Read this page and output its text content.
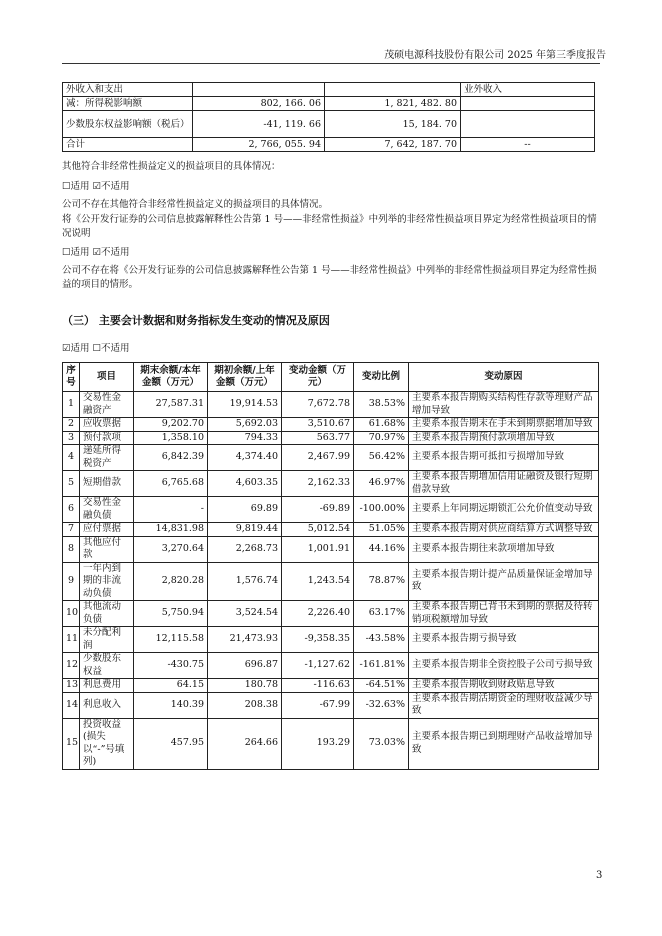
茂硕电源科技股份有限公司 2025 年第三季度报告
外收入和支出			业外收入
减：所得税影响额	802, 166. 06	1, 821, 482. 80	
少数股东权益影响额（税后）	-41, 119. 66	15, 184. 70	
合计	2, 766, 055. 94	7, 642, 187. 70	--
其他符合非经常性损益定义的损益项目的具体情况：
☐适用 ☑不适用
公司不存在其他符合非经常性损益定义的损益项目的具体情况。
将《公开发行证券的公司信息披露解释性公告第 1 号——非经常性损益》中列举的非经常性损益项目界定为经常性损益项目的情况说明
☐适用 ☑不适用
公司不存在将《公开发行证券的公司信息披露解释性公告第 1 号——非经常性损益》中列举的非经常性损益项目界定为经常性损益的项目的情形。
（三） 主要会计数据和财务指标发生变动的情况及原因
☑适用 ☐不适用
序号	项目	期末余额/本年金额（万元）	期初余额/上年金额（万元）	变动金额（万元）	变动比例	变动原因
1	交易性金融资产	27,587.31	19,914.53	7,672.78	38.53%	主要系本报告期购买结构性存款等理财产品增加导致
2	应收票据	9,202.70	5,692.03	3,510.67	61.68%	主要系本报告期末在手未到期票据增加导致
3	预付款项	1,358.10	794.33	563.77	70.97%	主要系本报告期预付款项增加导致
4	递延所得税资产	6,842.39	4,374.40	2,467.99	56.42%	主要系本报告期可抵扣亏损增加导致
5	短期借款	6,765.68	4,603.35	2,162.33	46.97%	主要系本报告期增加信用证融资及银行短期借款导致
6	交易性金融负债	-	69.89	-69.89	-100.00%	主要系上年同期远期锁汇公允价值变动导致
7	应付票据	14,831.98	9,819.44	5,012.54	51.05%	主要系本报告期对供应商结算方式调整导致
8	其他应付款	3,270.64	2,268.73	1,001.91	44.16%	主要系本报告期往来款项增加导致
9	一年内到期的非流动负债	2,820.28	1,576.74	1,243.54	78.87%	主要系本报告期计提产品质量保证金增加导致
10	其他流动负债	5,750.94	3,524.54	2,226.40	63.17%	主要系本报告期已背书未到期的票据及待转销项税额增加导致
11	未分配利润	12,115.58	21,473.93	-9,358.35	-43.58%	主要系本报告期亏损导致
12	少数股东权益	-430.75	696.87	-1,127.62	-161.81%	主要系本报告期非全资控股子公司亏损导致
13	利息费用	64.15	180.78	-116.63	-64.51%	主要系本报告期收到财政贴息导致
14	利息收入	140.39	208.38	-67.99	-32.63%	主要系本报告期活期资金的理财收益减少导致
15	投资收益(损失以“-”号填列)	457.95	264.66	193.29	73.03%	主要系本报告期已到期理财产品收益增加导致
3
